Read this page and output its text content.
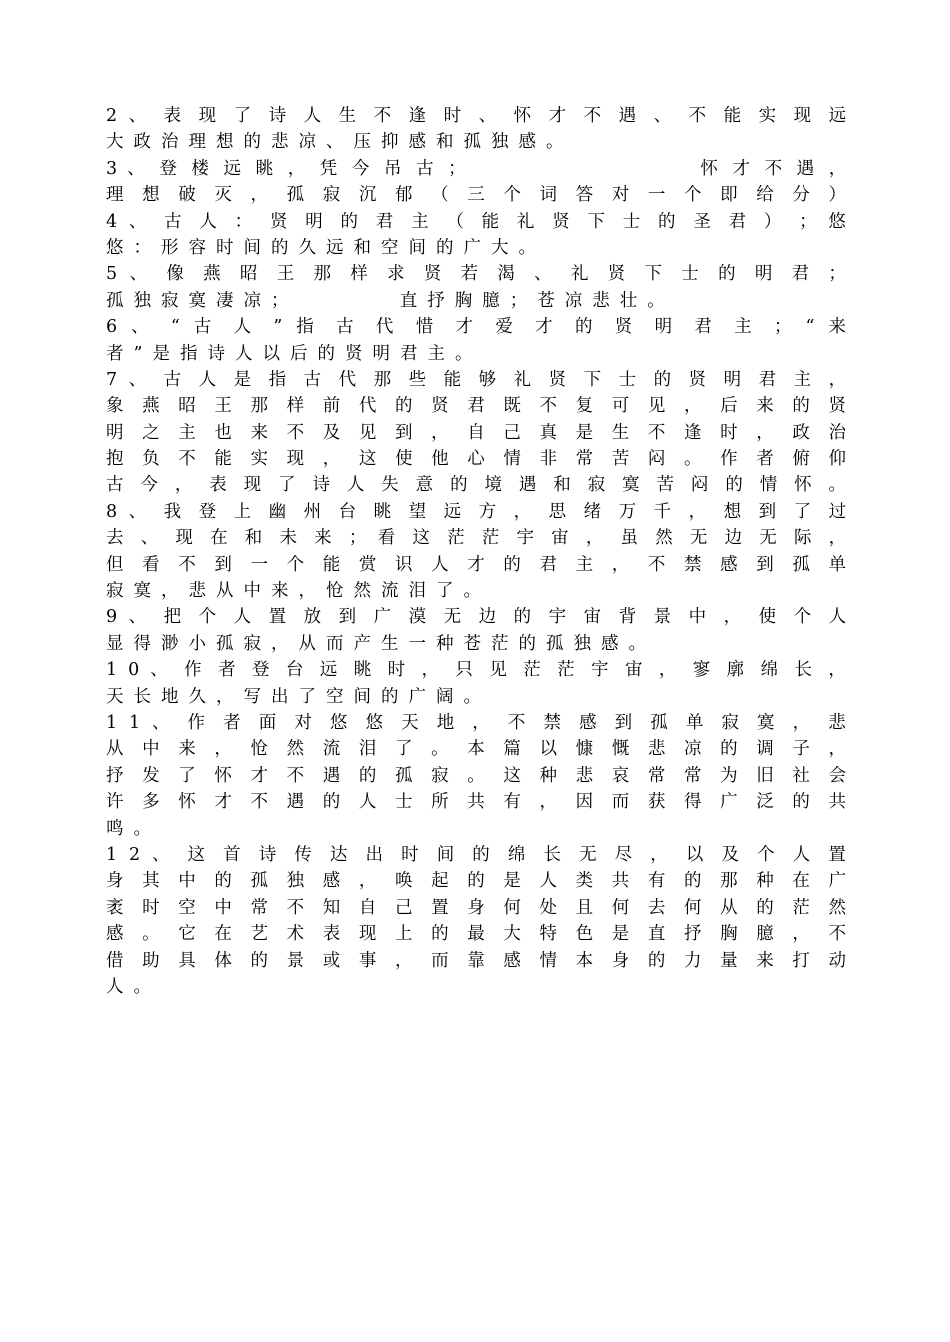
2 、 表 现 了 诗 人 生 不 逢 时 、 怀 才 不 遇 、 不 能 实 现 远
大政治理想的悲凉、压抑感和孤独感。
3 、 登 楼 远 眺 ， 凭 今 吊 古 ； 　 　 　 　 　 　 　	怀 才 不 遇 ，
理 想 破 灭 ， 孤 寂 沉 郁 （ 三 个 词 答 对 一 个 即 给 分 ）
4 、 古 人 ： 贤 明 的 君 主 （ 能 礼 贤 下 士 的 圣 君 ） ； 悠
悠：形容时间的久远和空间的广大。
5 、 像 燕 昭 王 那 样 求 贤 若 渴 、 礼 贤 下 士 的 明 君 ；
孤独寂寞凄凉；　　　　直抒胸臆；苍凉悲壮。
6 、 “ 古 人 ” 指 古 代 惜 才 爱 才 的 贤 明 君 主 ； “ 来
者”是指诗人以后的贤明君主。
7 、 古 人 是 指 古 代 那 些 能 够 礼 贤 下 士 的 贤 明 君 主 ，
象 燕 昭 王 那 样 前 代 的 贤 君 既 不 复 可 见 ， 后 来 的 贤
明 之 主 也 来 不 及 见 到 ， 自 己 真 是 生 不 逢 时 ， 政 治
抱 负 不 能 实 现 ， 这 使 他 心 情 非 常 苦 闷 。 作 者 俯 仰
古 今 ， 表 现 了 诗 人 失 意 的 境 遇 和 寂 寞 苦 闷 的 情 怀 。
8 、 我 登 上 幽 州 台 眺 望 远 方 ， 思 绪 万 千 ， 想 到 了 过
去 、 现 在 和 未 来 ； 看 这 茫 茫 宇 宙 ， 虽 然 无 边 无 际 ，
但 看 不 到 一 个 能 赏 识 人 才 的 君 主 ， 不 禁 感 到 孤 单
寂寞，悲从中来，怆然流泪了。
9 、 把 个 人 置 放 到 广 漠 无 边 的 宇 宙 背 景 中 ， 使 个 人
显得渺小孤寂，从而产生一种苍茫的孤独感。
1 0 、 作 者 登 台 远 眺 时 ， 只 见 茫 茫 宇 宙 ， 寥 廓 绵 长 ，
天长地久，写出了空间的广阔。
1 1 、 作 者 面 对 悠 悠 天 地 ， 不 禁 感 到 孤 单 寂 寞 ， 悲
从 中 来 ， 怆 然 流 泪 了 。 本 篇 以 慷 慨 悲 凉 的 调 子 ，
抒 发 了 怀 才 不 遇 的 孤 寂 。 这 种 悲 哀 常 常 为 旧 社 会
许 多 怀 才 不 遇 的 人 士 所 共 有 ， 因 而 获 得 广 泛 的 共
鸣。
1 2 、 这 首 诗 传 达 出 时 间 的 绵 长 无 尽 ， 以 及 个 人 置
身 其 中 的 孤 独 感 ， 唤 起 的 是 人 类 共 有 的 那 种 在 广
袤 时 空 中 常 不 知 自 己 置 身 何 处 且 何 去 何 从 的 茫 然
感 。 它 在 艺 术 表 现 上 的 最 大 特 色 是 直 抒 胸 臆 ， 不
借 助 具 体 的 景 或 事 ， 而 靠 感 情 本 身 的 力 量 来 打 动
人。
